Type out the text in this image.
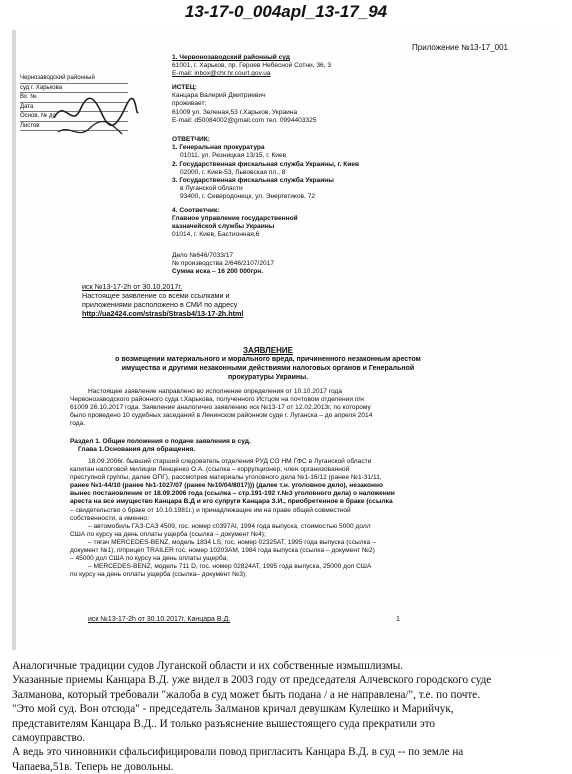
13-17-0_004apl_13-17_94
Приложение №13-17_001
Чернозаводский районный
суд г. Харькова
Вх. №
Дата
Основ. № до
Листов
1. Червонозаводский районный суд
61001, г. Харьков, пр. Героев Небесной Сотни, 36, 3
E-mail: inbox@chr.hr.court.gov.ua
ИСТЕЦ:
Канцара Валерий Дмитриевич
проживает:
61009 ул. Зеленая,53 г.Харьков, Украина
E-mail: d50084002@gmail.com тел. 0994403325
ОТВЕТЧИК:
1. Генеральная прокуратура
01011, ул. Резницкая 13/15, г. Киев
2. Государственная фискальная служба Украины, г. Киев
02000, г. Киев-53, Львовская пл., 8
3. Государственная фискальная служба Украины
в Луганской области
93400, г. Северодонецк, ул. Энергетиков, 72
4. Соответчик:
Главное управление государственной
казначейской службы Украины
01014, г. Киев, Бастионная,6
Дело №646/7033/17
№ производства 2/646/2107/2017
Сумма иска – 16 200 000грн.
иск №13-17-2h от 30.10.2017г.
Настоящее заявление со всеми ссылками и
приложениями расположено в СМИ по адресу
http://ua2424.com/strasb/Strasb4/13-17-2h.html
ЗАЯВЛЕНИЕ
о возмещении материального и морального вреда, причиненного незаконным арестом
имущества и другими незаконными действиями налоговых органов и Генеральной
прокуратуры Украины.

Настоящее заявление направлено во исполнение определения от 10.10.2017 года

Червонозаводского районного суда г.Харькова, полученного Истцом на почтовом отделении п/н

61009 26.10.2017 года. Заявление аналогично заявлению иск №13-17 от 12.02.2013г, по которому

было проведено 10 судебных заседаний в Ленинском районном суде г. Луганска – до апреля 2014

года.

Раздел 1. Общие положения о подаче заявления в суд.

Глава 1.Основания для обращения.

18.09.2006г. бывший старший следователь отделения РУД СО НМ ГФС в Луганской области

капитан налоговой милиции Ленщенко О.А. (ссылка – коррупционер, член организованной

преступной группы, далее ОПГ), рассмотрев материалы уголовного дела №1-16/12 (ранее №1-31/11,

ранее №1-44/10 (ранее №1-1027/07 (ранее №10/04/8017))) (далее т.н. уголовное дело), незаконно

вынес постановление от 18.09.2006 года (ссылка – стр.191-192 т.№3 уголовного дела) о наложении

ареста на все имущество Канцара В.Д и его супруги Канцара З.И., приобретенное в браке (ссылка

– свидетельство о браке от 10.10.1981г.) и принадлежащее им на праве общей совместной

собственности, а именно:

– автомобиль ГАЗ-САЗ 4509, гос. номер с0397АІ, 1994 года выпуска, стоимостью 5000 долл

США по курсу на день оплаты ущерба (ссылка – документ №4);

– тягач MERCEDES-BENZ, модель 1834 LS, гос. номер 02325АТ, 1995 года выпуска (ссылка –

документ №1), п/прицеп TRAILER гос. номер 10203АМ, 1984 года выпуска (ссылка – документ №2)

– 45000 дол США по курсу на день оплаты ущерба;

– MERCEDES-BENZ, модель 711 D, гос. номер 02824АТ, 1995 года выпуска, 25000 дол США

по курсу на день оплаты ущерба (ссылка– документ №3);

иск №13-17-2h от 30.10.2017г. Канцара В.Д.	1
Аналогичные традиции судов Луганской области и их собственные измышлизмы.
Указанные приемы Канцара В.Д. уже видел в 2003 году от председателя Алчевского городского суде
Залманова, который требовали "жалоба в суд может быть подана / а не направлена/", т.е. по почте.
"Это мой суд. Вон отсюда" - председатель Залманов кричал девушкам Кулешко и Марийчук,
представителям Канцара В.Д.. И только разъяснение вышестоящего суда прекратили это
самоуправство.
А ведь это чиновники сфальсифицировали повод пригласить Канцара В.Д. в суд -- по земле на
Чапаева,51в. Теперь не довольны.
